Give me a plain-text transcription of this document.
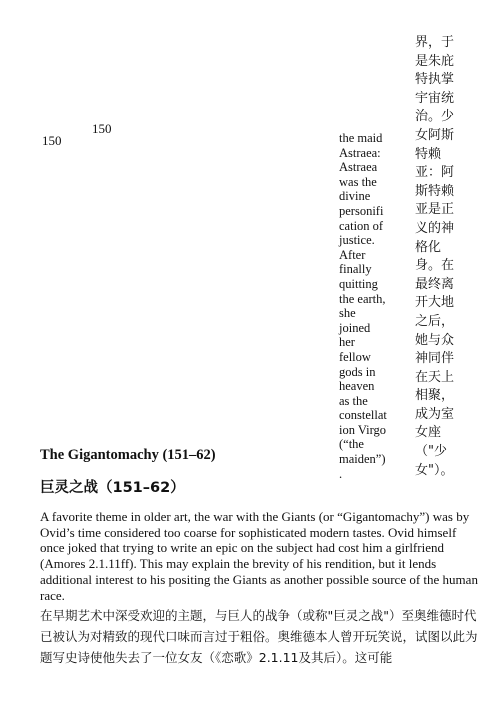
150
150	the maid Astraea: Astraea was the divine personification of justice. After finally quitting the earth, she joined her fellow gods in heaven as the constellation Virgo (“the maiden”).
界，于是朱庇特执掌宇宙统治。少女阿斯特赖亚：阿斯特赖亚是正义的神格化身。在最终离开大地之后，她与众神同伴在天上相聚，成为室女座（"少女"）。
The Gigantomachy (151–62)
巨灵之战（151–62）
A favorite theme in older art, the war with the Giants (or “Gigantomachy”) was by Ovid’s time considered too coarse for sophisticated modern tastes. Ovid himself once joked that trying to write an epic on the subject had cost him a girlfriend (Amores 2.1.11ff). This may explain the brevity of his rendition, but it lends additional interest to his positing the Giants as another possible source of the human race.
在早期艺术中深受欢迎的主题，与巨人的战争（或称"巨灵之战"）至奥维德时代已被认为对精致的现代口味而言过于粗俗。奥维德本人曾开玩笑说，试图以此为题写史诗使他失去了一位女友（《恋歌》2.1.11及其后）。这可能
